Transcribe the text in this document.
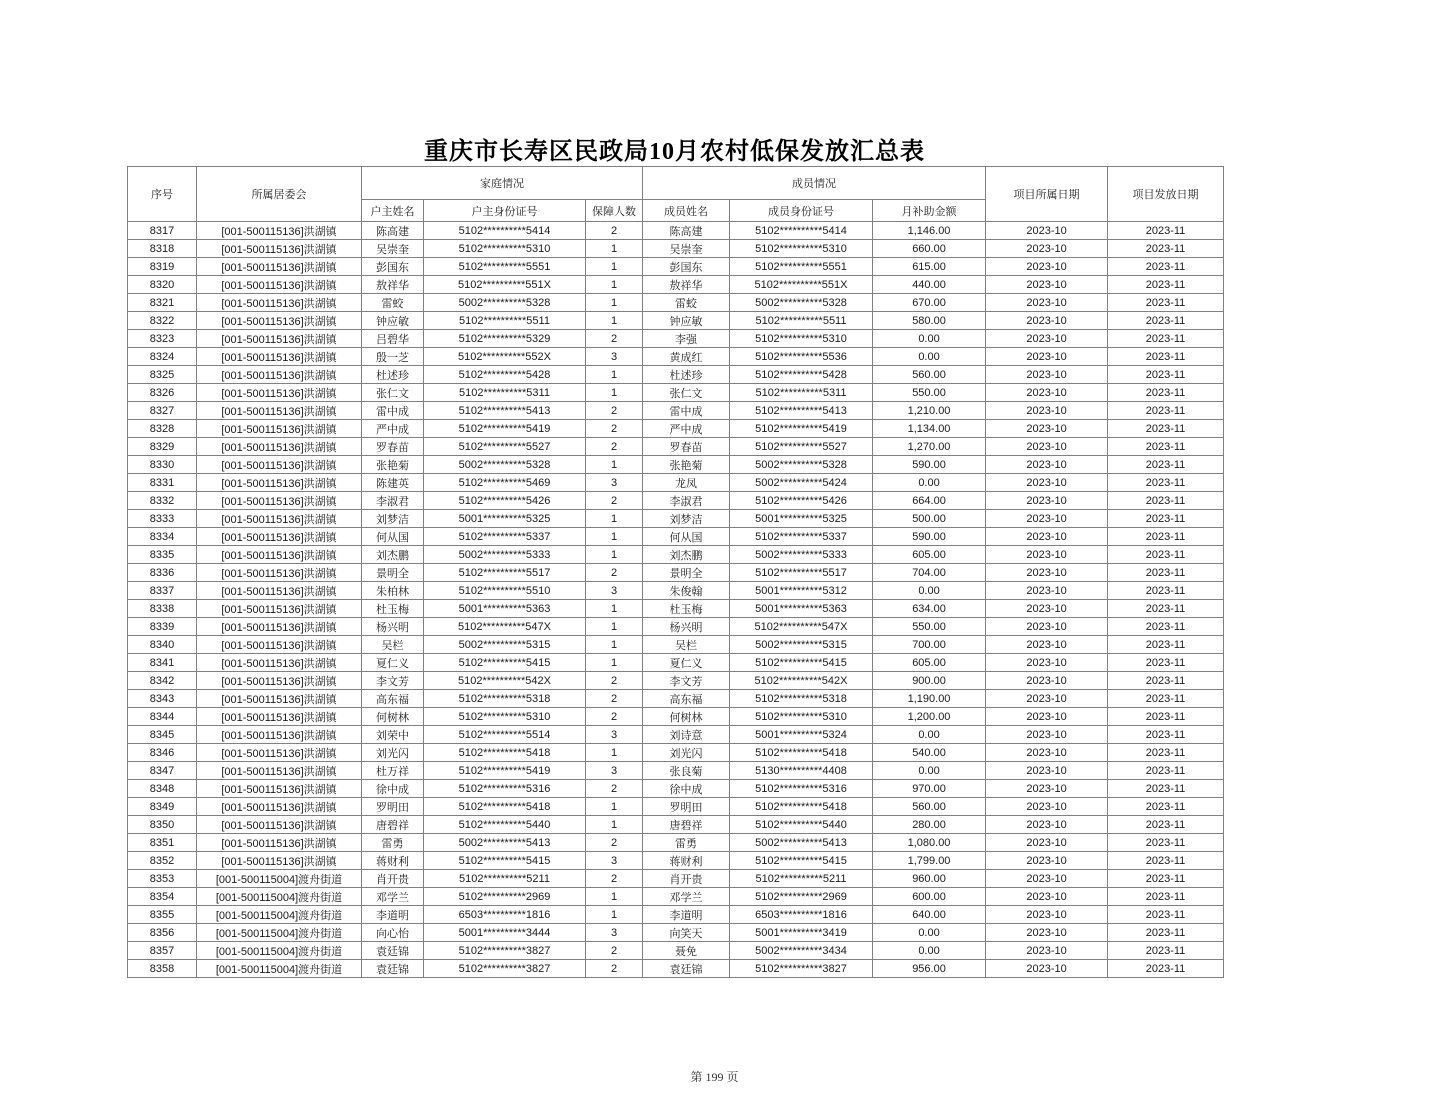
重庆市长寿区民政局10月农村低保发放汇总表
序号	所属居委会	家庭情况			成员情况			项目所属日期	项目发放日期
		户主姓名	户主身份证号	保障人数	成员姓名	成员身份证号	月补助金额		
8317	[001-500115136]洪湖镇	陈高建	5102**********5414	2	陈高建	5102**********5414	1,146.00	2023-10	2023-11
8318	[001-500115136]洪湖镇	吴崇奎	5102**********5310	1	吴崇奎	5102**********5310	660.00	2023-10	2023-11
8319	[001-500115136]洪湖镇	彭国东	5102**********5551	1	彭国东	5102**********5551	615.00	2023-10	2023-11
8320	[001-500115136]洪湖镇	敖祥华	5102**********551X	1	敖祥华	5102**********551X	440.00	2023-10	2023-11
8321	[001-500115136]洪湖镇	雷蛟	5002**********5328	1	雷蛟	5002**********5328	670.00	2023-10	2023-11
8322	[001-500115136]洪湖镇	钟应敏	5102**********5511	1	钟应敏	5102**********5511	580.00	2023-10	2023-11
8323	[001-500115136]洪湖镇	吕碧华	5102**********5329	2	李强	5102**********5310	0.00	2023-10	2023-11
8324	[001-500115136]洪湖镇	殷一芝	5102**********552X	3	黄成红	5102**********5536	0.00	2023-10	2023-11
8325	[001-500115136]洪湖镇	杜述珍	5102**********5428	1	杜述珍	5102**********5428	560.00	2023-10	2023-11
8326	[001-500115136]洪湖镇	张仁文	5102**********5311	1	张仁文	5102**********5311	550.00	2023-10	2023-11
8327	[001-500115136]洪湖镇	雷中成	5102**********5413	2	雷中成	5102**********5413	1,210.00	2023-10	2023-11
8328	[001-500115136]洪湖镇	严中成	5102**********5419	2	严中成	5102**********5419	1,134.00	2023-10	2023-11
8329	[001-500115136]洪湖镇	罗春苗	5102**********5527	2	罗春苗	5102**********5527	1,270.00	2023-10	2023-11
8330	[001-500115136]洪湖镇	张艳菊	5002**********5328	1	张艳菊	5002**********5328	590.00	2023-10	2023-11
8331	[001-500115136]洪湖镇	陈建英	5102**********5469	3	龙凤	5002**********5424	0.00	2023-10	2023-11
8332	[001-500115136]洪湖镇	李淑君	5102**********5426	2	李淑君	5102**********5426	664.00	2023-10	2023-11
8333	[001-500115136]洪湖镇	刘梦洁	5001**********5325	1	刘梦洁	5001**********5325	500.00	2023-10	2023-11
8334	[001-500115136]洪湖镇	何从国	5102**********5337	1	何从国	5102**********5337	590.00	2023-10	2023-11
8335	[001-500115136]洪湖镇	刘杰鹏	5002**********5333	1	刘杰鹏	5002**********5333	605.00	2023-10	2023-11
8336	[001-500115136]洪湖镇	景明全	5102**********5517	2	景明全	5102**********5517	704.00	2023-10	2023-11
8337	[001-500115136]洪湖镇	朱柏林	5102**********5510	3	朱俊翰	5001**********5312	0.00	2023-10	2023-11
8338	[001-500115136]洪湖镇	杜玉梅	5001**********5363	1	杜玉梅	5001**********5363	634.00	2023-10	2023-11
8339	[001-500115136]洪湖镇	杨兴明	5102**********547X	1	杨兴明	5102**********547X	550.00	2023-10	2023-11
8340	[001-500115136]洪湖镇	吴栏	5002**********5315	1	吴栏	5002**********5315	700.00	2023-10	2023-11
8341	[001-500115136]洪湖镇	夏仁义	5102**********5415	1	夏仁义	5102**********5415	605.00	2023-10	2023-11
8342	[001-500115136]洪湖镇	李文芳	5102**********542X	2	李文芳	5102**********542X	900.00	2023-10	2023-11
8343	[001-500115136]洪湖镇	高东福	5102**********5318	2	高东福	5102**********5318	1,190.00	2023-10	2023-11
8344	[001-500115136]洪湖镇	何树林	5102**********5310	2	何树林	5102**********5310	1,200.00	2023-10	2023-11
8345	[001-500115136]洪湖镇	刘荣中	5102**********5514	3	刘诗意	5001**********5324	0.00	2023-10	2023-11
8346	[001-500115136]洪湖镇	刘光闪	5102**********5418	1	刘光闪	5102**********5418	540.00	2023-10	2023-11
8347	[001-500115136]洪湖镇	杜万祥	5102**********5419	3	张良菊	5130**********4408	0.00	2023-10	2023-11
8348	[001-500115136]洪湖镇	徐中成	5102**********5316	2	徐中成	5102**********5316	970.00	2023-10	2023-11
8349	[001-500115136]洪湖镇	罗明田	5102**********5418	1	罗明田	5102**********5418	560.00	2023-10	2023-11
8350	[001-500115136]洪湖镇	唐碧祥	5102**********5440	1	唐碧祥	5102**********5440	280.00	2023-10	2023-11
8351	[001-500115136]洪湖镇	雷勇	5002**********5413	2	雷勇	5002**********5413	1,080.00	2023-10	2023-11
8352	[001-500115136]洪湖镇	蒋财利	5102**********5415	3	蒋财利	5102**********5415	1,799.00	2023-10	2023-11
8353	[001-500115004]渡舟街道	肖开贵	5102**********5211	2	肖开贵	5102**********5211	960.00	2023-10	2023-11
8354	[001-500115004]渡舟街道	邓学兰	5102**********2969	1	邓学兰	5102**********2969	600.00	2023-10	2023-11
8355	[001-500115004]渡舟街道	李道明	6503**********1816	1	李道明	6503**********1816	640.00	2023-10	2023-11
8356	[001-500115004]渡舟街道	向心怡	5001**********3444	3	向笑天	5001**********3419	0.00	2023-10	2023-11
8357	[001-500115004]渡舟街道	袁廷锦	5102**********3827	2	聂免	5002**********3434	0.00	2023-10	2023-11
8358	[001-500115004]渡舟街道	袁廷锦	5102**********3827	2	袁廷锦	5102**********3827	956.00	2023-10	2023-11
第 199 页
